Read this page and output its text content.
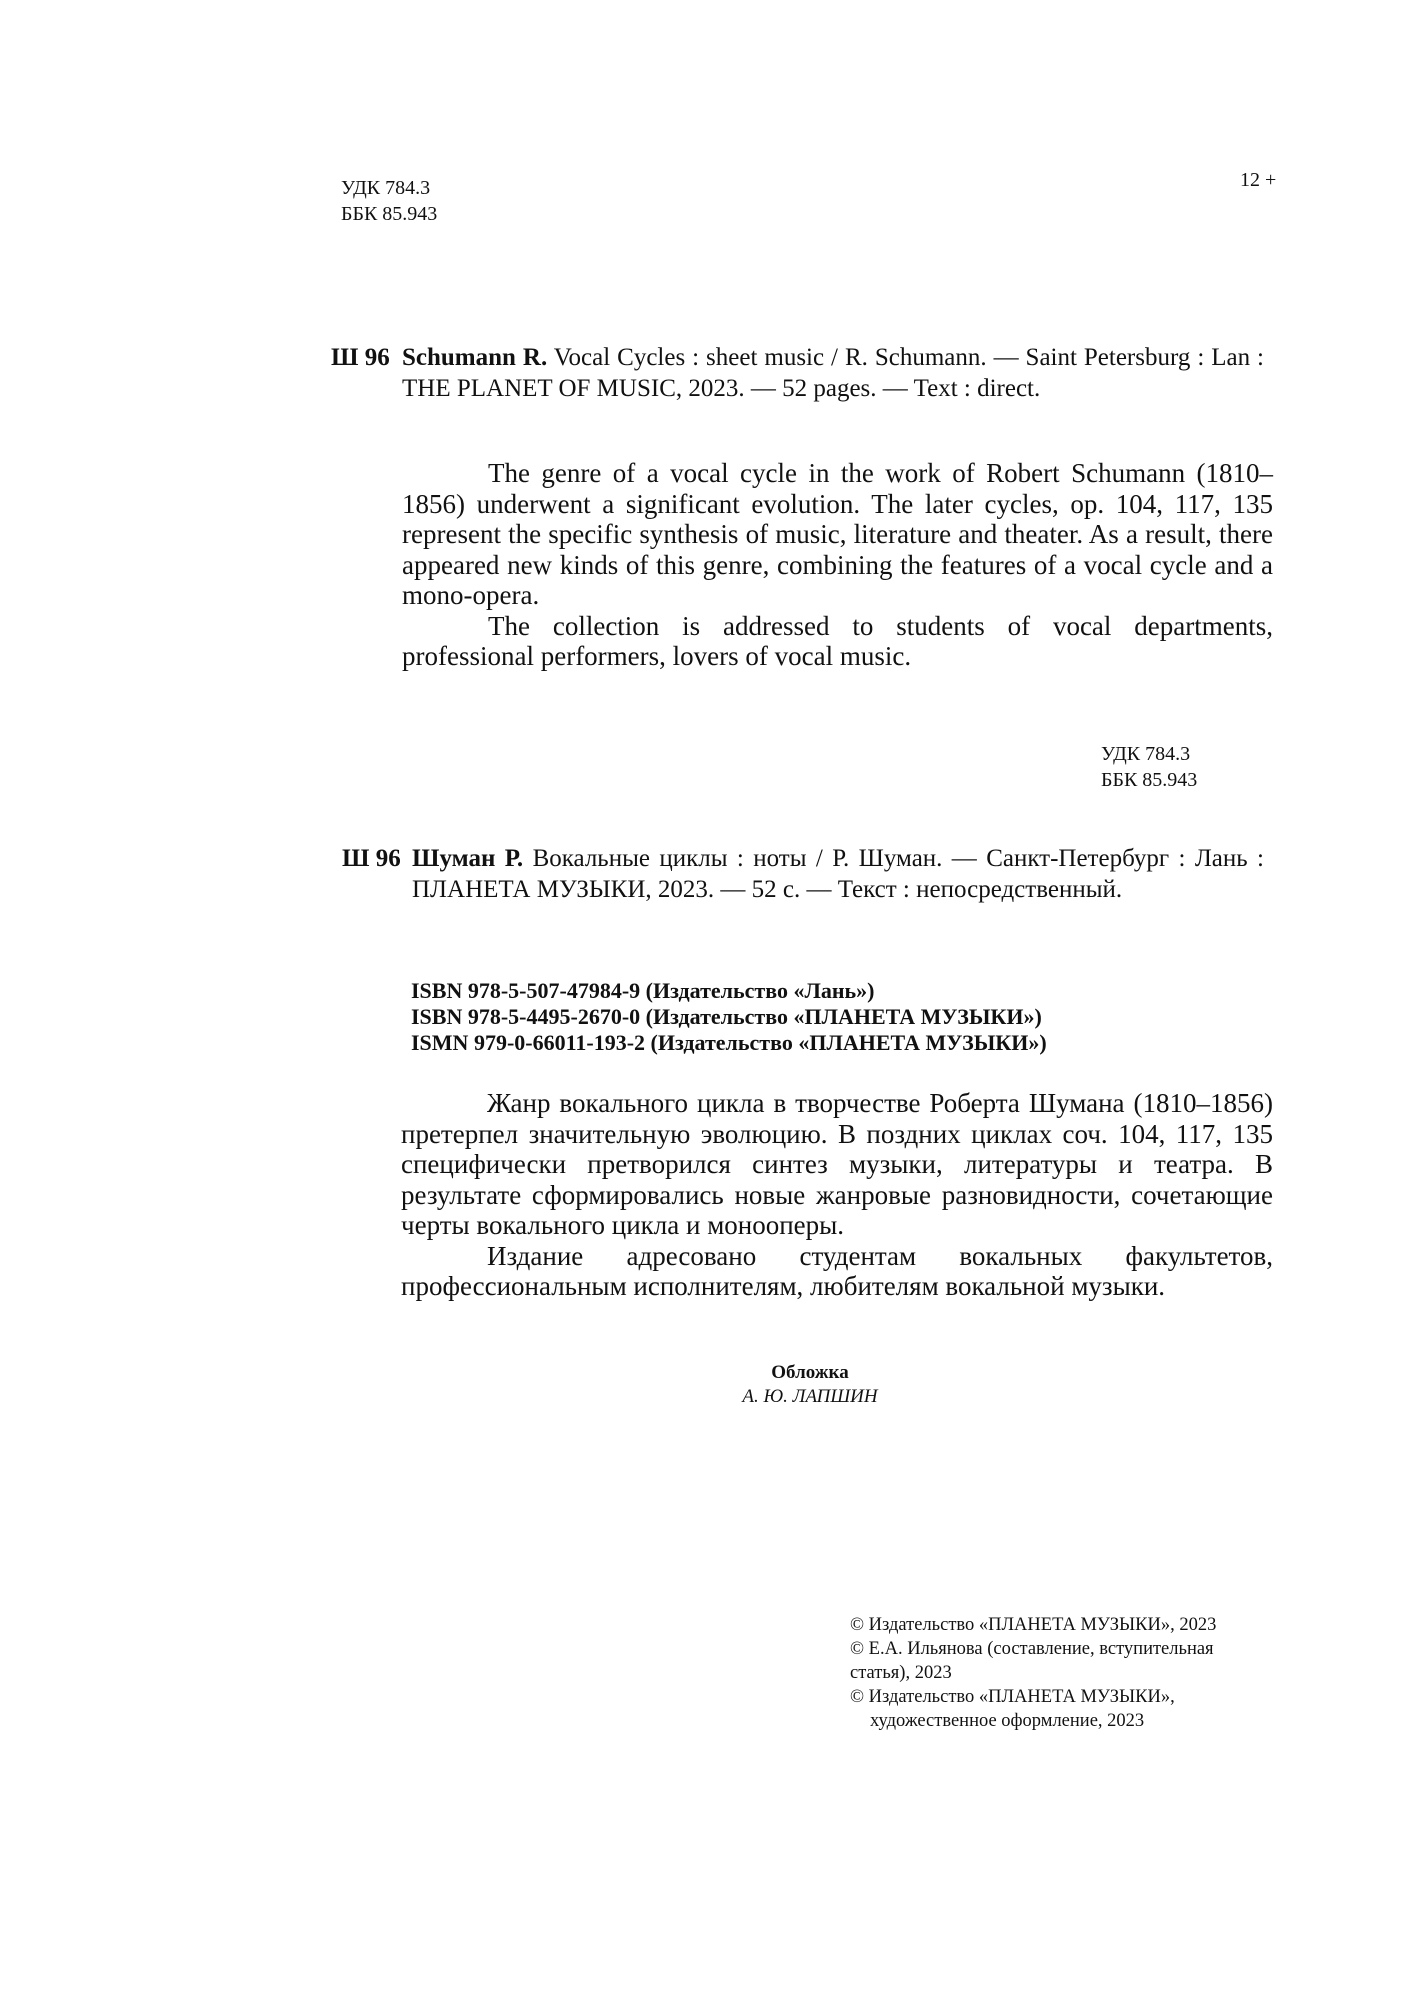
УДК 784.3
ББК 85.943
12 +
Ш 96 Schumann R. Vocal Cycles : sheet music / R. Schumann. — Saint Petersburg : Lan : THE PLANET OF MUSIC, 2023. — 52 pages. — Text : direct.

The genre of a vocal cycle in the work of Robert Schumann (1810–1856) underwent a significant evolution. The later cycles, op. 104, 117, 135 represent the specific synthesis of music, literature and theater. As a result, there appeared new kinds of this genre, combining the features of a vocal cycle and a mono-opera.

The collection is addressed to students of vocal departments, professional performers, lovers of vocal music.

УДК 784.3
ББК 85.943
Ш 96 Шуман Р. Вокальные циклы : ноты / Р. Шуман. — Санкт-Петербург : Лань : ПЛАНЕТА МУЗЫКИ, 2023. — 52 с. — Текст : непосредственный.
ISBN 978-5-507-47984-9 (Издательство «Лань»)
ISBN 978-5-4495-2670-0 (Издательство «ПЛАНЕТА МУЗЫКИ»)
ISMN 979-0-66011-193-2 (Издательство «ПЛАНЕТА МУЗЫКИ»)

Жанр вокального цикла в творчестве Роберта Шумана (1810–1856) претерпел значительную эволюцию. В поздних циклах соч. 104, 117, 135 специфически претворился синтез музыки, литературы и театра. В результате сформировались новые жанровые разновидности, сочетающие черты вокального цикла и монооперы.

Издание адресовано студентам вокальных факультетов, профессиональным исполнителям, любителям вокальной музыки.

Обложка
А. Ю. ЛАПШИН
© Издательство «ПЛАНЕТА МУЗЫКИ», 2023
© Е.А. Ильянова (составление, вступительная
статья), 2023
© Издательство «ПЛАНЕТА МУЗЫКИ»,
художественное оформление, 2023
